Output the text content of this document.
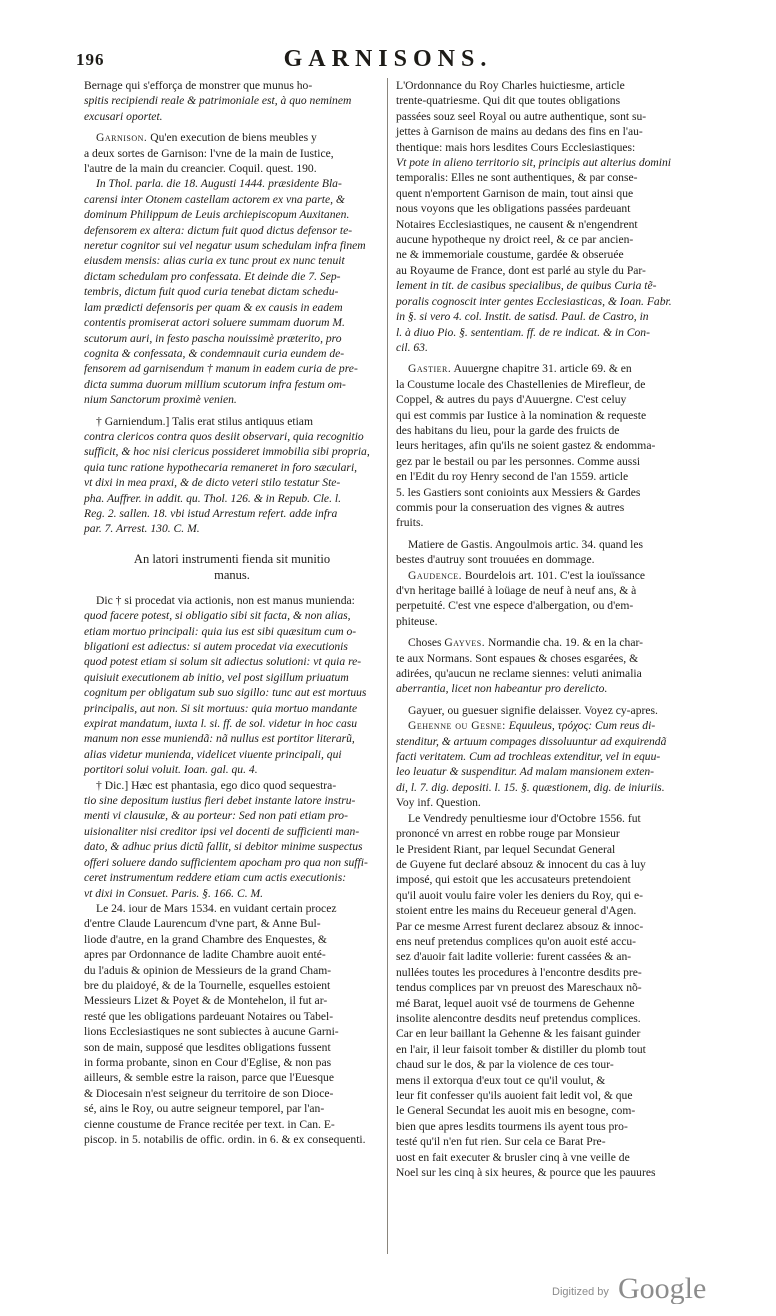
196	GARNISONS.

Bernage qui s'efforça de monstrer que munus ho-

spitis recipiendi reale & patrimoniale est, à quo neminem

excusari oportet.

Garnison. Qu'en execution de biens meubles y

a deux sortes de Garnison: l'vne de la main de Iustice,

l'autre de la main du creancier. Coquil. quest. 190.

In Thol. parla. die 18. Augusti 1444. præsidente Bla-

carensi inter Otonem castellam actorem ex vna parte, &

dominum Philippum de Leuis archiepiscopum Auxitanen.

defensorem ex altera: dictum fuit quod dictus defensor te-

neretur cognitor sui vel negatur usum schedulam infra finem

eiusdem mensis: alias curia ex tunc prout ex nunc tenuit

dictam schedulam pro confessata. Et deinde die 7. Sep-

tembris, dictum fuit quod curia tenebat dictam schedu-

lam prædicti defensoris per quam & ex causis in eadem

contentis promiserat actori soluere summam duorum M.

scutorum auri, in festo pascha nouissimè præterito, pro

cognita & confessata, & condemnauit curia eundem de-

fensorem ad garnisendum † manum in eadem curia de pre-

dicta summa duorum millium scutorum infra festum om-

nium Sanctorum proximè venien.

† Garniendum.] Talis erat stilus antiquus etiam

contra clericos contra quos desiit observari, quia recognitio

sufficit, & hoc nisi clericus possideret immobilia sibi propria,

quia tunc ratione hypothecaria remaneret in foro sæculari,

vt dixi in mea praxi, & de dicto veteri stilo testatur Ste-

pha. Auffrer. in addit. qu. Thol. 126. & in Repub. Cle. l.

Reg. 2. sallen. 18. vbi istud Arrestum refert. adde infra

par. 7. Arrest. 130. C. M.

An latori instrumenti fienda sit munitio
manus.

Dic † si procedat via actionis, non est manus munienda:

quod facere potest, si obligatio sibi sit facta, & non alias,

etiam mortuo principali: quia ius est sibi quæsitum cum o-

bligationi est adiectus: si autem procedat via executionis

quod potest etiam si solum sit adiectus solutioni: vt quia re-

quisiuit executionem ab initio, vel post sigillum priuatum

cognitum per obligatum sub suo sigillo: tunc aut est mortuus

principalis, aut non. Si sit mortuus: quia mortuo mandante

expirat mandatum, iuxta l. si. ff. de sol. videtur in hoc casu

manum non esse muniendã: nã nullus est portitor literarũ,

alias videtur munienda, videlicet viuente principali, qui

portitori solui voluit. Ioan. gal. qu. 4.

† Dic.] Hæc est phantasia, ego dico quod sequestra-

tio sine depositum iustius fieri debet instante latore instru-

menti vi clausulæ, & au porteur: Sed non pati etiam pro-

uisionaliter nisi creditor ipsi vel docenti de sufficienti man-

dato, & adhuc prius dictũ fallit, si debitor minime suspectus

offeri soluere dando sufficientem apocham pro qua non suffi-

ceret instrumentum reddere etiam cum actis executionis:

vt dixi in Consuet. Paris. §. 166. C. M.

Le 24. iour de Mars 1534. en vuidant certain procez

d'entre Claude Laurencum d'vne part, & Anne Bul-

liode d'autre, en la grand Chambre des Enquestes, &

apres par Ordonnance de ladite Chambre auoit enté-

du l'aduis & opinion de Messieurs de la grand Cham-

bre du plaidoyé, & de la Tournelle, esquelles estoient

Messieurs Lizet & Poyet & de Montehelon, il fut ar-

resté que les obligations pardeuant Notaires ou Tabel-

lions Ecclesiastiques ne sont subiectes à aucune Garni-

son de main, supposé que lesdites obligations fussent

in forma probante, sinon en Cour d'Eglise, & non pas

ailleurs, & semble estre la raison, parce que l'Euesque

& Diocesain n'est seigneur du territoire de son Dioce-

sé, ains le Roy, ou autre seigneur temporel, par l'an-

cienne coustume de France recitée per text. in Can. E-

piscop. in 5. notabilis de offic. ordin. in 6. & ex consequenti.

L'Ordonnance du Roy Charles huictiesme, article

trente-quatriesme. Qui dit que toutes obligations

passées souz seel Royal ou autre authentique, sont su-

jettes à Garnison de mains au dedans des fins en l'au-

thentique: mais hors lesdites Cours Ecclesiastiques:

Vt pote in alieno territorio sit, principis aut alterius domini

temporalis: Elles ne sont authentiques, & par conse-

quent n'emportent Garnison de main, tout ainsi que

nous voyons que les obligations passées pardeuant

Notaires Ecclesiastiques, ne causent & n'engendrent

aucune hypotheque ny droict reel, & ce par ancien-

ne & immemoriale coustume, gardée & obseruée

au Royaume de France, dont est parlé au style du Par-

lement in tit. de casibus specialibus, de quibus Curia tẽ-

poralis cognoscit inter gentes Ecclesiasticas, & Ioan. Fabr.

in §. si vero 4. col. Instit. de satisd. Paul. de Castro, in

l. à diuo Pio. §. sententiam. ff. de re indicat. & in Con-

cil. 63.

Gastier. Auuergne chapitre 31. article 69. & en

la Coustume locale des Chastellenies de Mirefleur, de

Coppel, & autres du pays d'Auuergne. C'est celuy

qui est commis par Iustice à la nomination & requeste

des habitans du lieu, pour la garde des fruicts de

leurs heritages, afin qu'ils ne soient gastez & endomma-

gez par le bestail ou par les personnes. Comme aussi

en l'Edit du roy Henry second de l'an 1559. article

5. les Gastiers sont conioints aux Messiers & Gardes

commis pour la conseruation des vignes & autres

fruits.

Matiere de Gastis. Angoulmois artic. 34. quand les

bestes d'autruy sont trouuées en dommage.

Gaudence. Bourdelois art. 101. C'est la iouïssance

d'vn heritage baillé à loüage de neuf à neuf ans, & à

perpetuité. C'est vne espece d'albergation, ou d'em-

phiteuse.

Choses Gayves. Normandie cha. 19. & en la char-

te aux Normans. Sont espaues & choses esgarées, &

adirées, qu'aucun ne reclame siennes: veluti animalia

aberrantia, licet non habeantur pro derelicto.

Gayuer, ou guesuer signifie delaisser. Voyez cy-apres.

Gehenne ou Gesne: Equuleus, τρόχος: Cum reus di-

stenditur, & artuum compages dissoluuntur ad exquirendã

facti veritatem. Cum ad trochleas extenditur, vel in equu-

leo leuatur & suspenditur. Ad malam mansionem exten-

di, l. 7. dig. depositi. l. 15. §. quæstionem, dig. de iniuriis.

Voy inf. Question.

Le Vendredy penultiesme iour d'Octobre 1556. fut

prononcé vn arrest en robbe rouge par Monsieur

le President Riant, par lequel Secundat General

de Guyene fut declaré absouz & innocent du cas à luy

imposé, qui estoit que les accusateurs pretendoient

qu'il auoit voulu faire voler les deniers du Roy, qui e-

stoient entre les mains du Receueur general d'Agen.

Par ce mesme Arrest furent declarez absouz & innoc-

ens neuf pretendus complices qu'on auoit esté accu-

sez d'auoir fait ladite vollerie: furent cassées & an-

nullées toutes les procedures à l'encontre desdits pre-

tendus complices par vn preuost des Mareschaux nõ-

mé Barat, lequel auoit vsé de tourmens de Gehenne

insolite alencontre desdits neuf pretendus complices.

Car en leur baillant la Gehenne & les faisant guinder

en l'air, il leur faisoit tomber & distiller du plomb tout

chaud sur le dos, & par la violence de ces tour-

mens il extorqua d'eux tout ce qu'il voulut, &

leur fit confesser qu'ils auoient fait ledit vol, & que

le General Secundat les auoit mis en besogne, com-

bien que apres lesdits tourmens ils ayent tous pro-

testé qu'il n'en fut rien. Sur cela ce Barat Pre-

uost en fait executer & brusler cinq à vne veille de

Noel sur les cinq à six heures, & pource que les pauures

Digitized by Google
